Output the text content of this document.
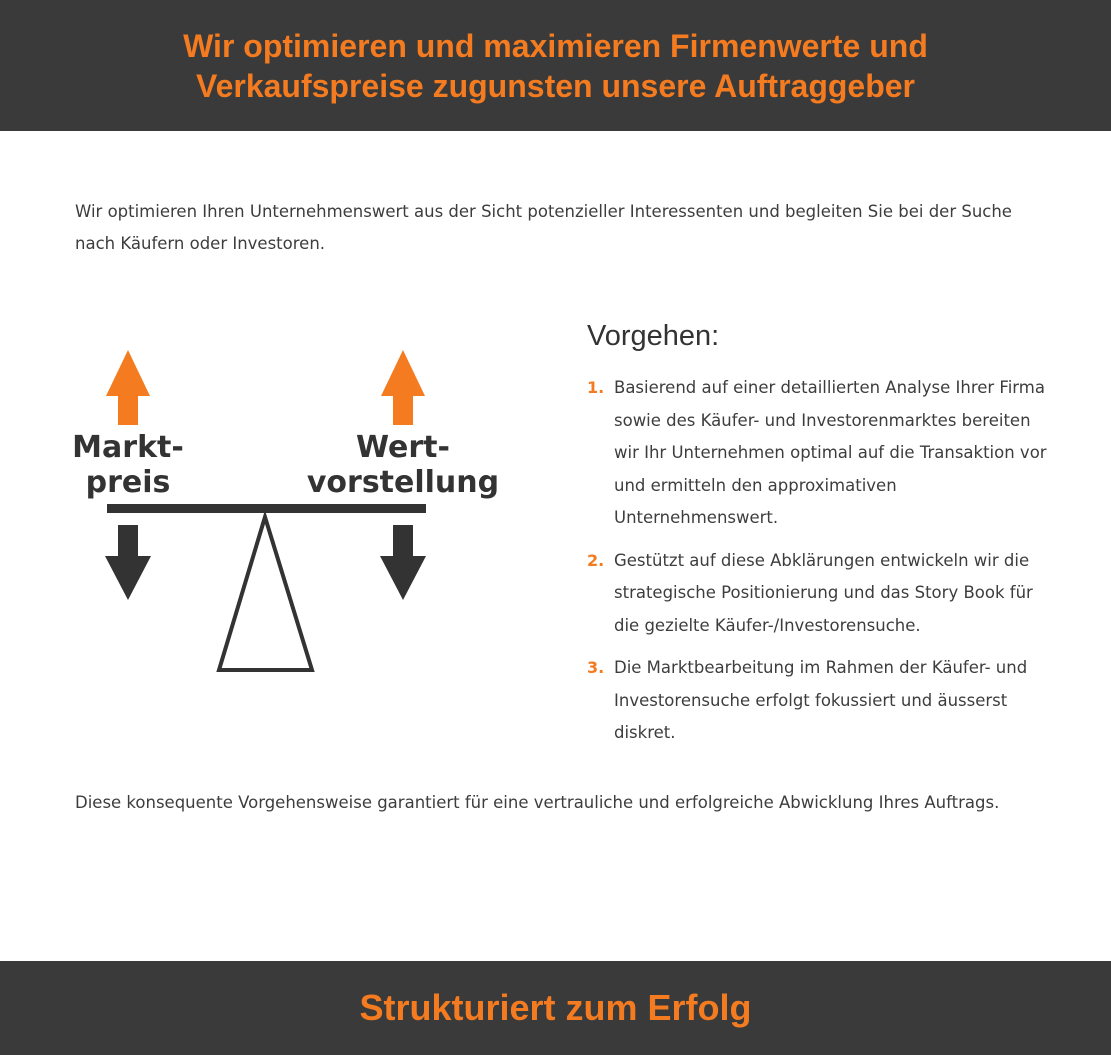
Wir optimieren und maximieren Firmenwerte und Verkaufspreise zugunsten unsere Auftraggeber

Wir optimieren Ihren Unternehmenswert aus der Sicht potenzieller Interessenten und begleiten Sie bei der Suche nach Käufern oder Investoren.

Markt-
preis
Wert-
vorstellung
Vorgehen:
1. Basierend auf einer detaillierten Analyse Ihrer Firma sowie des Käufer- und Investorenmarktes bereiten wir Ihr Unternehmen optimal auf die Transaktion vor und ermitteln den approximativen Unternehmenswert.
2. Gestützt auf diese Abklärungen entwickeln wir die strategische Positionierung und das Story Book für die gezielte Käufer-/Investorensuche.
3. Die Marktbearbeitung im Rahmen der Käufer- und Investorensuche erfolgt fokussiert und äusserst diskret.

Diese konsequente Vorgehensweise garantiert für eine vertrauliche und erfolgreiche Abwicklung Ihres Auftrags.

Strukturiert zum Erfolg
